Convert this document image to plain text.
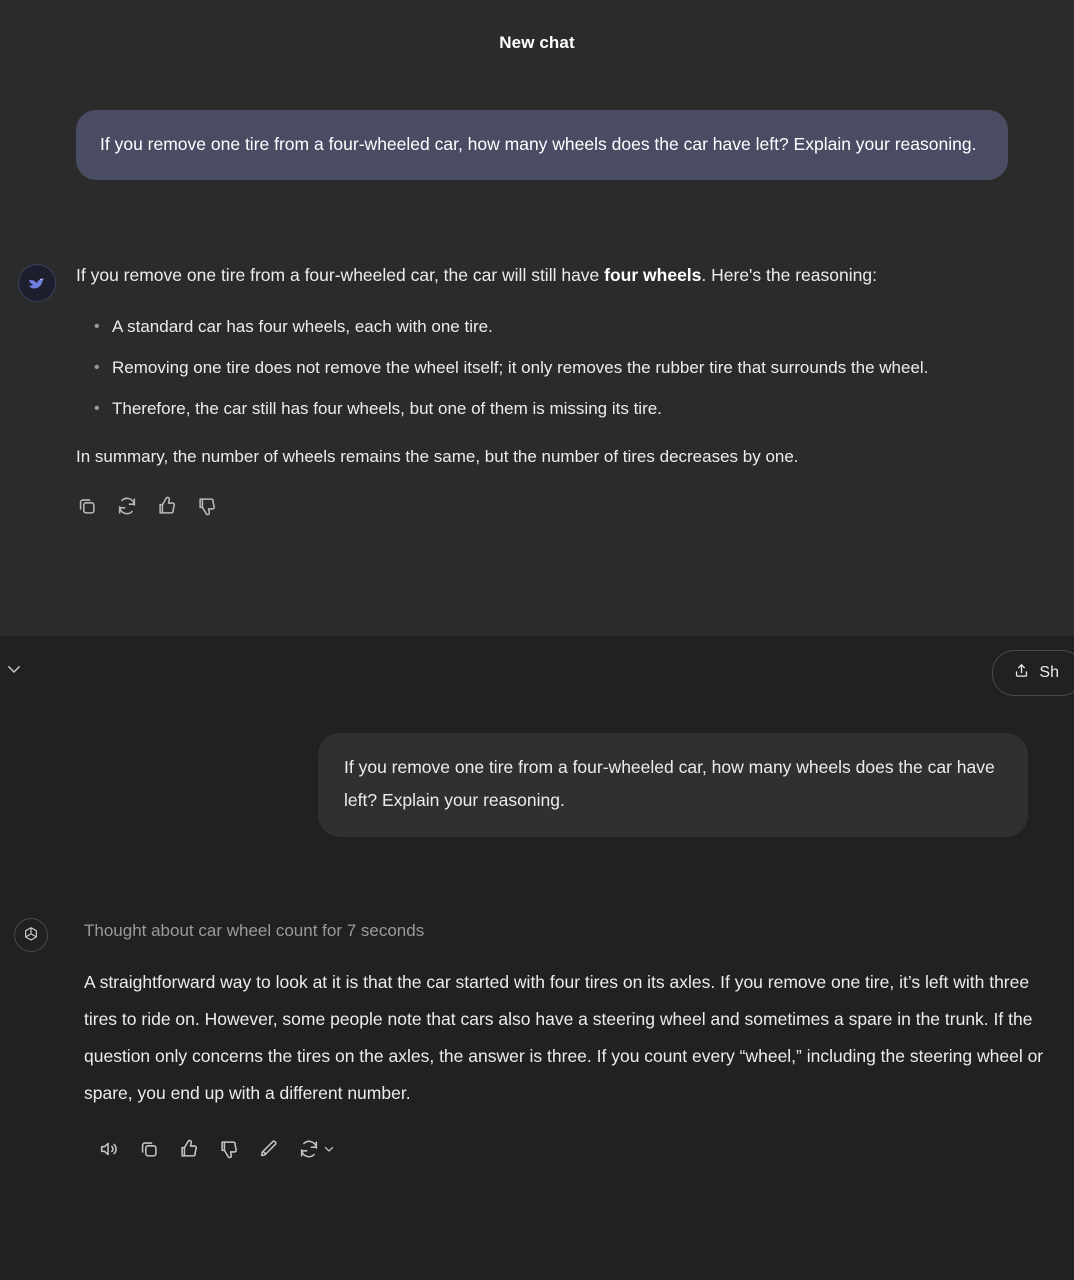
New chat
If you remove one tire from a four-wheeled car, how many wheels does the car have left? Explain your reasoning.
If you remove one tire from a four-wheeled car, the car will still have four wheels. Here's the reasoning:
• A standard car has four wheels, each with one tire.
• Removing one tire does not remove the wheel itself; it only removes the rubber tire that surrounds the wheel.
• Therefore, the car still has four wheels, but one of them is missing its tire.
In summary, the number of wheels remains the same, but the number of tires decreases by one.
Sh
If you remove one tire from a four-wheeled car, how many wheels does the car have left? Explain your reasoning.
Thought about car wheel count for 7 seconds
A straightforward way to look at it is that the car started with four tires on its axles. If you remove one tire, it’s left with three tires to ride on. However, some people note that cars also have a steering wheel and sometimes a spare in the trunk. If the question only concerns the tires on the axles, the answer is three. If you count every “wheel,” including the steering wheel or spare, you end up with a different number.
